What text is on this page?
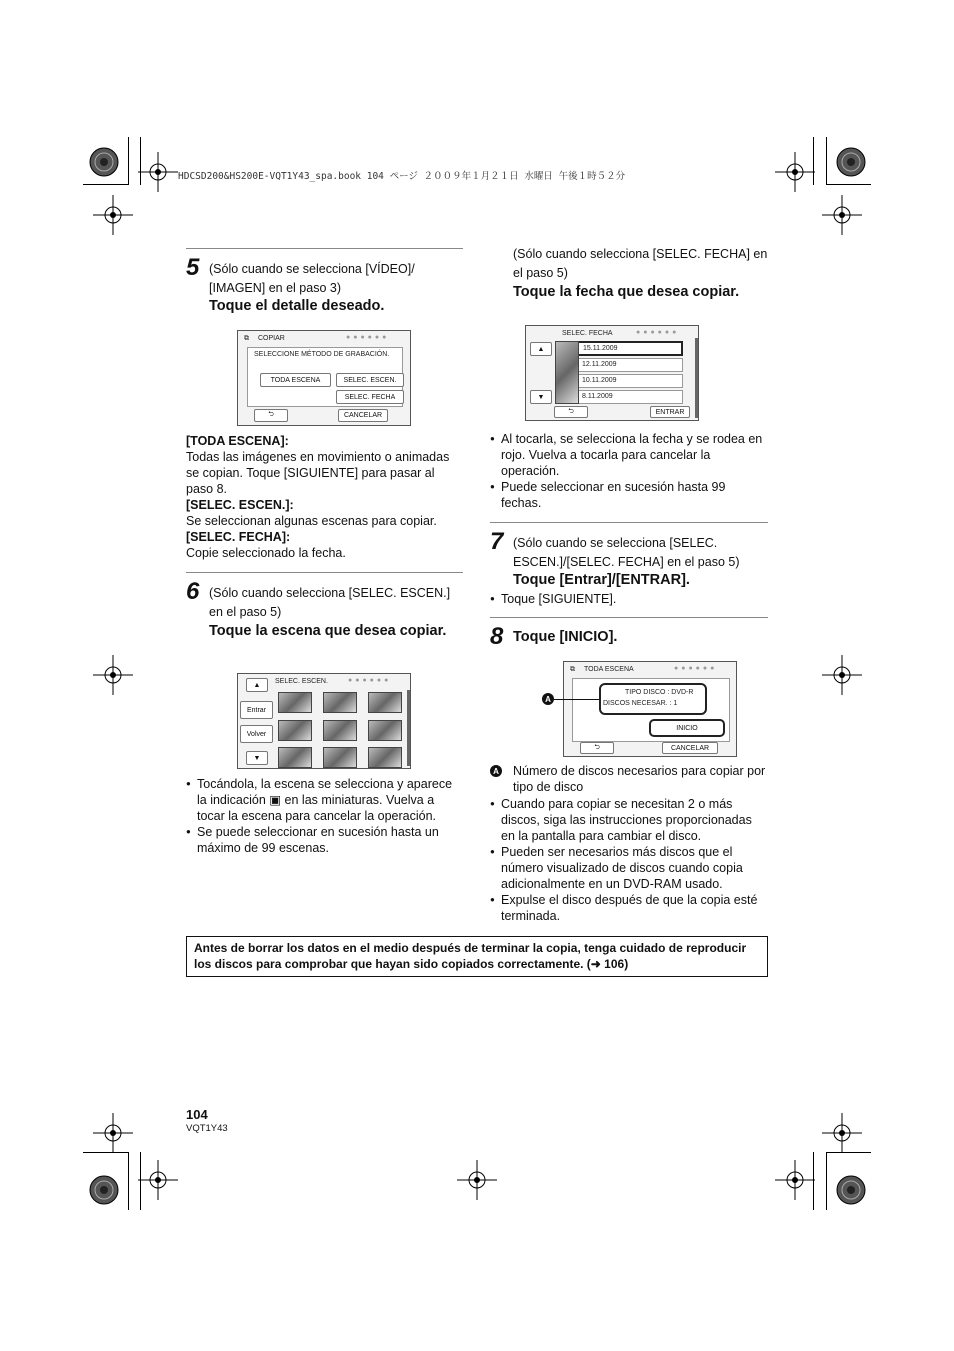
HDCSD200&HS200E-VQT1Y43_spa.book 104 ページ ２００９年１月２１日 水曜日 午後１時５２分
5 (Sólo cuando se selecciona [VÍDEO]/ [IMAGEN] en el paso 3)
Toque el detalle deseado.
⧉ COPIAR	●●●●●●
SELECCIONE MÉTODO DE GRABACIÓN.
TODA ESCENA	SELEC. ESCEN.
SELEC. FECHA
⮌	CANCELAR
[TODA ESCENA]:
Todas las imágenes en movimiento o animadas se copian. Toque [SIGUIENTE] para pasar al paso 8.
[SELEC. ESCEN.]:
Se seleccionan algunas escenas para copiar.
[SELEC. FECHA]:
Copie seleccionado la fecha.
6 (Sólo cuando selecciona [SELEC. ESCEN.] en el paso 5)
Toque la escena que desea copiar.
▲
Entrar
Volver
▼
SELEC. ESCEN.	●●●●●●
● Tocándola, la escena se selecciona y aparece la indicación ▣ en las miniaturas. Vuelva a tocar la escena para cancelar la operación.
● Se puede seleccionar en sucesión hasta un máximo de 99 escenas.
(Sólo cuando selecciona [SELEC. FECHA] en el paso 5)
Toque la fecha que desea copiar.
SELEC. FECHA	●●●●●●
▲
▼
15.11.2009
12.11.2009
10.11.2009
8.11.2009
⮌	ENTRAR
● Al tocarla, se selecciona la fecha y se rodea en rojo. Vuelva a tocarla para cancelar la operación.
● Puede seleccionar en sucesión hasta 99 fechas.
7 (Sólo cuando se selecciona [SELEC. ESCEN.]/[SELEC. FECHA] en el paso 5)
Toque [Entrar]/[ENTRAR].
● Toque [SIGUIENTE].
8 Toque [INICIO].
⧉ TODA ESCENA	●●●●●●
TIPO DISCO : DVD-R
DISCOS NECESAR. : 1
INICIO
⮌	CANCELAR
A
A Número de discos necesarios para copiar por tipo de disco
● Cuando para copiar se necesitan 2 o más discos, siga las instrucciones proporcionadas en la pantalla para cambiar el disco.
● Pueden ser necesarios más discos que el número visualizado de discos cuando copia adicionalmente en un DVD-RAM usado.
● Expulse el disco después de que la copia esté terminada.
Antes de borrar los datos en el medio después de terminar la copia, tenga cuidado de reproducir los discos para comprobar que hayan sido copiados correctamente. (➜ 106)
104
VQT1Y43
